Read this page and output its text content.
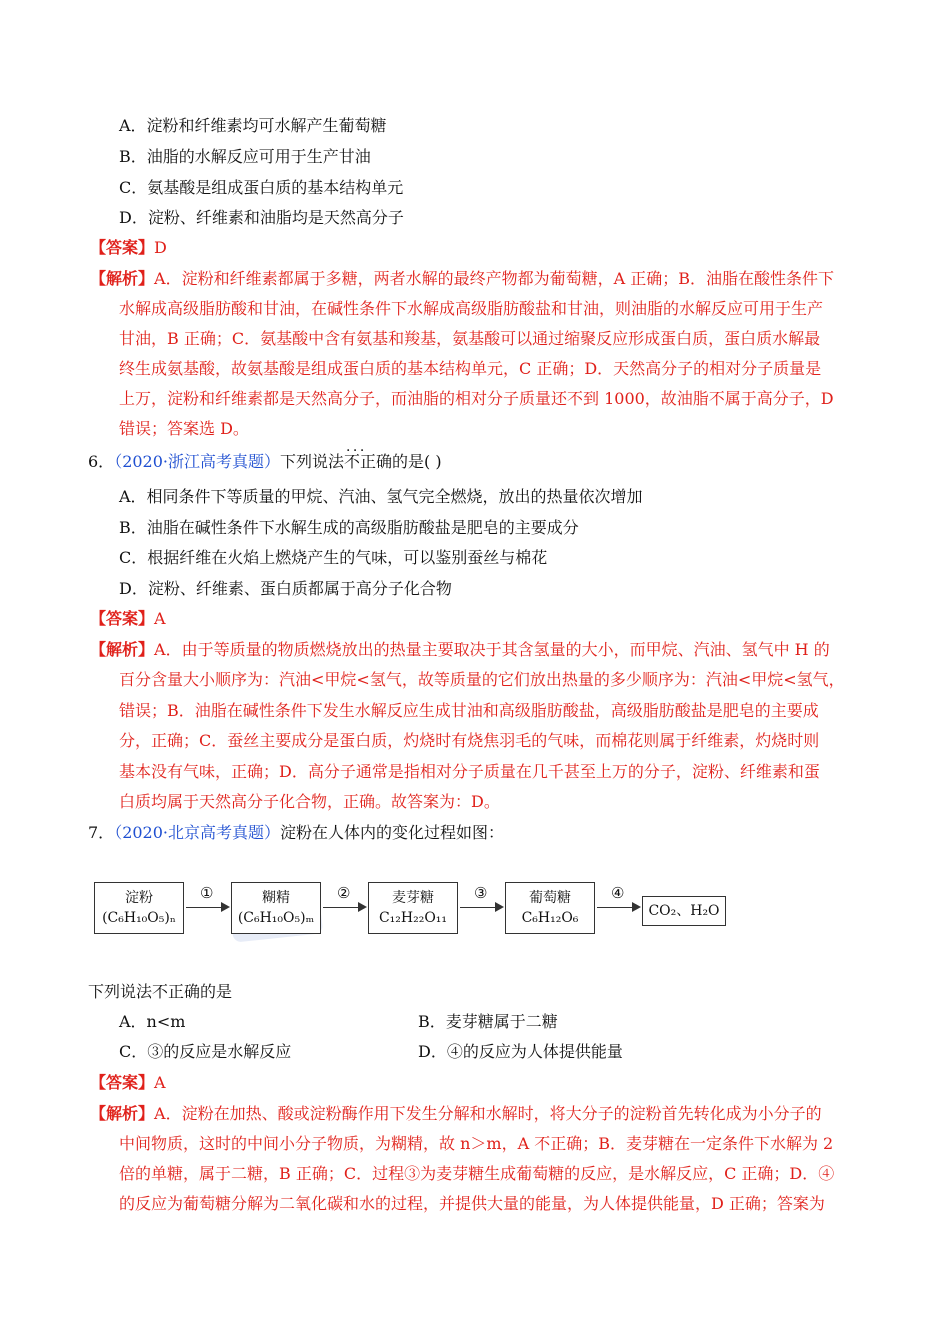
A．淀粉和纤维素均可水解产生葡萄糖
B．油脂的水解反应可用于生产甘油
C．氨基酸是组成蛋白质的基本结构单元
D．淀粉、纤维素和油脂均是天然高分子
【答案】D
【解析】A．淀粉和纤维素都属于多糖，两者水解的最终产物都为葡萄糖，A 正确；B．油脂在酸性条件下
水解成高级脂肪酸和甘油，在碱性条件下水解成高级脂肪酸盐和甘油，则油脂的水解反应可用于生产
甘油，B 正确；C．氨基酸中含有氨基和羧基，氨基酸可以通过缩聚反应形成蛋白质，蛋白质水解最
终生成氨基酸，故氨基酸是组成蛋白质的基本结构单元，C 正确；D．天然高分子的相对分子质量是
上万，淀粉和纤维素都是天然高分子，而油脂的相对分子质量还不到 1000，故油脂不属于高分子，D
错误；答案选 D。
6．（2020·浙江高考真题）下列说法· · · 不正确的是( )
A．相同条件下等质量的甲烷、汽油、氢气完全燃烧，放出的热量依次增加
B．油脂在碱性条件下水解生成的高级脂肪酸盐是肥皂的主要成分
C．根据纤维在火焰上燃烧产生的气味，可以鉴别蚕丝与棉花
D．淀粉、纤维素、蛋白质都属于高分子化合物
【答案】A
【解析】A．由于等质量的物质燃烧放出的热量主要取决于其含氢量的大小，而甲烷、汽油、氢气中 H 的
百分含量大小顺序为：汽油<甲烷<氢气，故等质量的它们放出热量的多少顺序为：汽油<甲烷<氢气，
错误；B．油脂在碱性条件下发生水解反应生成甘油和高级脂肪酸盐，高级脂肪酸盐是肥皂的主要成
分，正确；C．蚕丝主要成分是蛋白质，灼烧时有烧焦羽毛的气味，而棉花则属于纤维素，灼烧时则
基本没有气味，正确；D．高分子通常是指相对分子质量在几千甚至上万的分子，淀粉、纤维素和蛋
白质均属于天然高分子化合物，正确。故答案为：D。
7．（2020·北京高考真题）淀粉在人体内的变化过程如图：
淀粉
(C₆H₁₀O₅)ₙ
①	糊精
(C₆H₁₀O₅)ₘ
②	麦芽糖
C₁₂H₂₂O₁₁
③	葡萄糖
C₆H₁₂O₆
④
CO₂、H₂O
下列说法不正确的是
A．n<m	B．麦芽糖属于二糖
C．③的反应是水解反应	D．④的反应为人体提供能量
【答案】A
【解析】A．淀粉在加热、酸或淀粉酶作用下发生分解和水解时，将大分子的淀粉首先转化成为小分子的
中间物质，这时的中间小分子物质，为糊精，故 n＞m，A 不正确；B．麦芽糖在一定条件下水解为 2
倍的单糖，属于二糖，B 正确；C．过程③为麦芽糖生成葡萄糖的反应，是水解反应，C 正确；D．④
的反应为葡萄糖分解为二氧化碳和水的过程，并提供大量的能量，为人体提供能量，D 正确；答案为
